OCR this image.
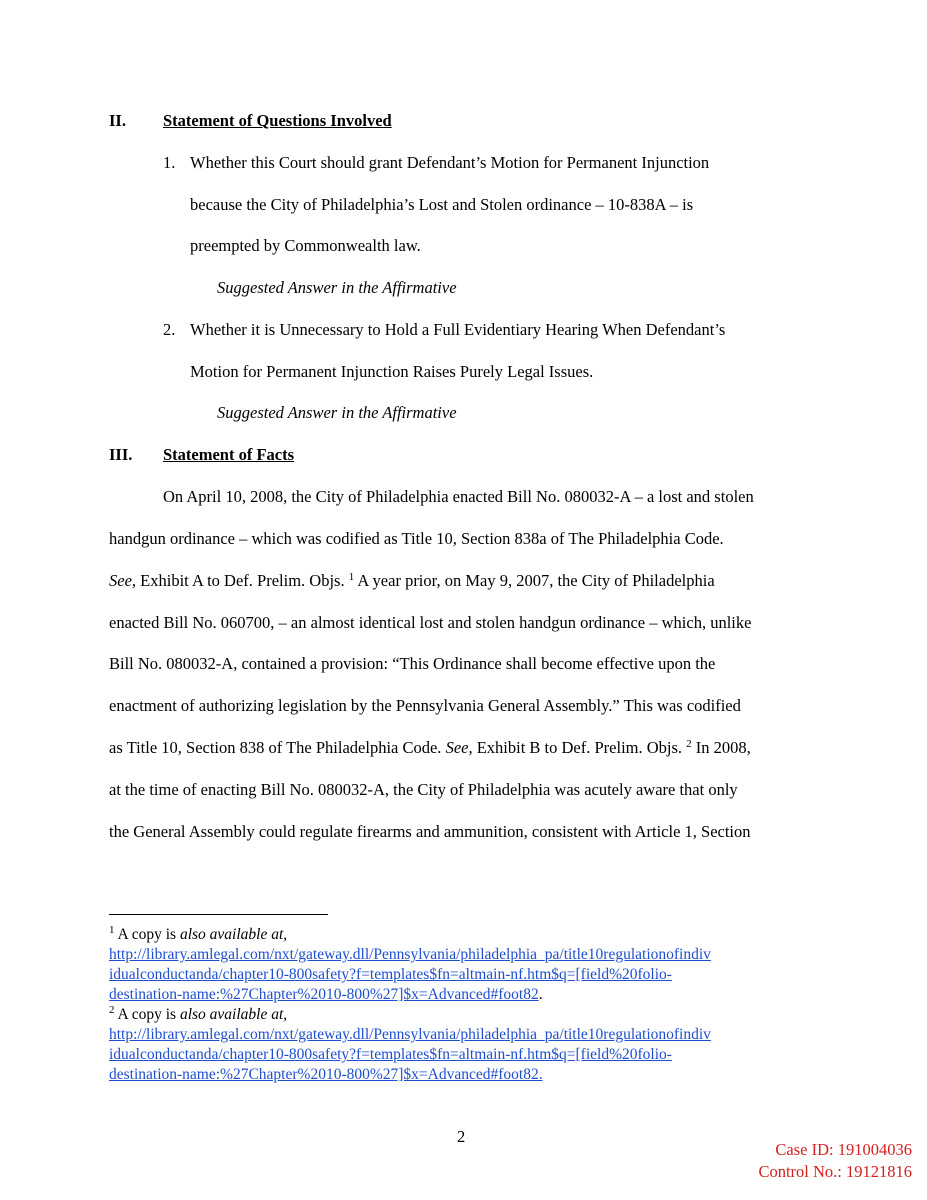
II. Statement of Questions Involved
1. Whether this Court should grant Defendant’s Motion for Permanent Injunction
because the City of Philadelphia’s Lost and Stolen ordinance – 10-838A – is
preempted by Commonwealth law.
Suggested Answer in the Affirmative
2. Whether it is Unnecessary to Hold a Full Evidentiary Hearing When Defendant’s
Motion for Permanent Injunction Raises Purely Legal Issues.
Suggested Answer in the Affirmative
III. Statement of Facts
On April 10, 2008, the City of Philadelphia enacted Bill No. 080032-A – a lost and stolen
handgun ordinance – which was codified as Title 10, Section 838a of The Philadelphia Code.
See, Exhibit A to Def. Prelim. Objs. $^1$ A year prior, on May 9, 2007, the City of Philadelphia
enacted Bill No. 060700, – an almost identical lost and stolen handgun ordinance – which, unlike
Bill No. 080032-A, contained a provision: “This Ordinance shall become effective upon the
enactment of authorizing legislation by the Pennsylvania General Assembly.” This was codified
as Title 10, Section 838 of The Philadelphia Code. See, Exhibit B to Def. Prelim. Objs. $^2$ In 2008,
at the time of enacting Bill No. 080032-A, the City of Philadelphia was acutely aware that only
the General Assembly could regulate firearms and ammunition, consistent with Article 1, Section
$^1$ A copy is also available at,
http://library.amlegal.com/nxt/gateway.dll/Pennsylvania/philadelphia_pa/title10regulationofindiv
idualconductanda/chapter10-800safety?f=templates$fn=altmain-nf.htm$q=[field%20folio-
destination-name:%27Chapter%2010-800%27]$x=Advanced#foot82.
$^2$ A copy is also available at,
http://library.amlegal.com/nxt/gateway.dll/Pennsylvania/philadelphia_pa/title10regulationofindiv
idualconductanda/chapter10-800safety?f=templates$fn=altmain-nf.htm$q=[field%20folio-
destination-name:%27Chapter%2010-800%27]$x=Advanced#foot82.
2
Case ID: 191004036
Control No.: 19121816
